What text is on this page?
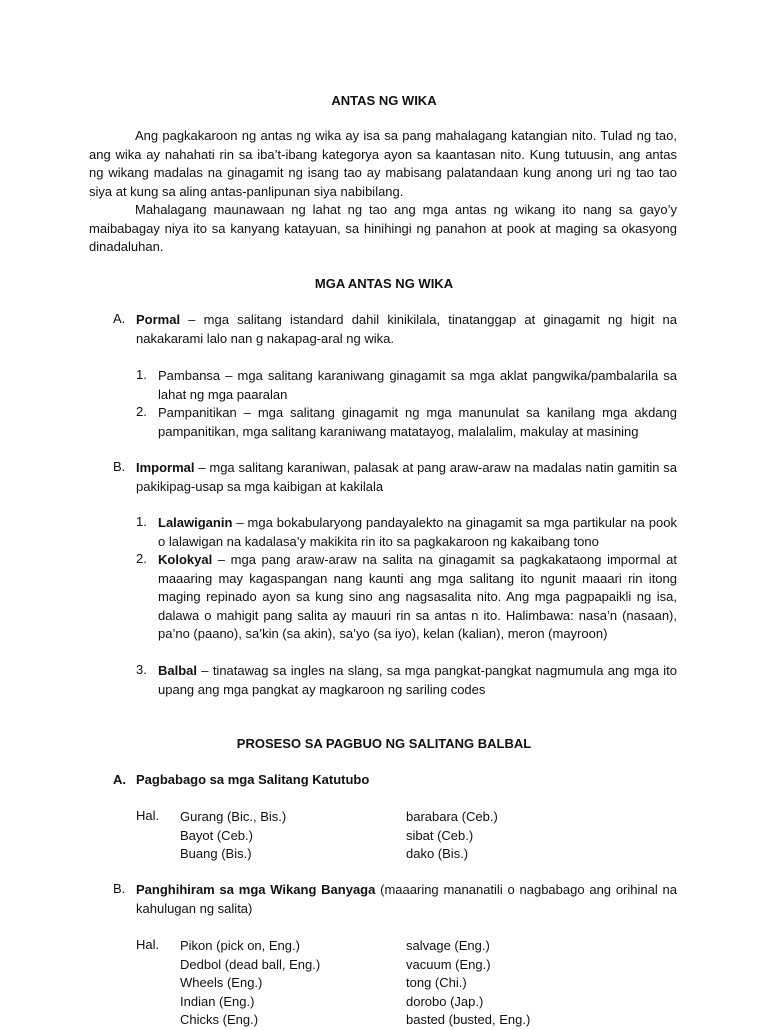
ANTAS NG WIKA

Ang pagkakaroon ng antas ng wika ay isa sa pang mahalagang katangian nito. Tulad ng tao, ang wika ay nahahati rin sa iba’t-ibang kategorya ayon sa kaantasan nito. Kung tutuusin, ang antas ng wikang madalas na ginagamit ng isang tao ay mabisang palatandaan kung anong uri ng tao tao siya at kung sa aling antas-panlipunan siya nabibilang.

Mahalagang maunawaan ng lahat ng tao ang mga antas ng wikang ito nang sa gayo’y maibabagay niya ito sa kanyang katayuan, sa hinihingi ng panahon at pook at maging sa okasyong dinadaluhan.

MGA ANTAS NG WIKA
A. Pormal – mga salitang istandard dahil kinikilala, tinatanggap at ginagamit ng higit na nakakarami lalo nan g nakapag-aral ng wika.
1. Pambansa – mga salitang karaniwang ginagamit sa mga aklat pangwika/pambalarila sa lahat ng mga paaralan
2. Pampanitikan – mga salitang ginagamit ng mga manunulat sa kanilang mga akdang pampanitikan, mga salitang karaniwang matatayog, malalalim, makulay at masining
B. Impormal – mga salitang karaniwan, palasak at pang araw-araw na madalas natin gamitin sa pakikipag-usap sa mga kaibigan at kakilala
1. Lalawiganin – mga bokabularyong pandayalekto na ginagamit sa mga partikular na pook o lalawigan na kadalasa’y makikita rin ito sa pagkakaroon ng kakaibang tono
2. Kolokyal – mga pang araw-araw na salita na ginagamit sa pagkakataong impormal at maaaring may kagaspangan nang kaunti ang mga salitang ito ngunit maaari rin itong maging repinado ayon sa kung sino ang nagsasalita nito. Ang mga pagpapaikli ng isa, dalawa o mahigit pang salita ay mauuri rin sa antas n ito. Halimbawa: nasa’n (nasaan), pa’no (paano), sa’kin (sa akin), sa’yo (sa iyo), kelan (kalian), meron (mayroon)
3. Balbal – tinatawag sa ingles na slang, sa mga pangkat-pangkat nagmumula ang mga ito upang ang mga pangkat ay magkaroon ng sariling codes
PROSESO SA PAGBUO NG SALITANG BALBAL
A. Pagbabago sa mga Salitang Katutubo
Hal. Gurang (Bic., Bis.)
Bayot (Ceb.)
Buang (Bis.)
barabara (Ceb.)
sibat (Ceb.)
dako (Bis.)
B. Panghihiram sa mga Wikang Banyaga (maaaring mananatili o nagbabago ang orihinal na kahulugan ng salita)
Hal. Pikon (pick on, Eng.)
Dedbol (dead ball, Eng.)
Wheels (Eng.)
Indian (Eng.)
Chicks (Eng.)
salvage (Eng.)
vacuum (Eng.)
tong (Chi.)
dorobo (Jap.)
basted (busted, Eng.)
